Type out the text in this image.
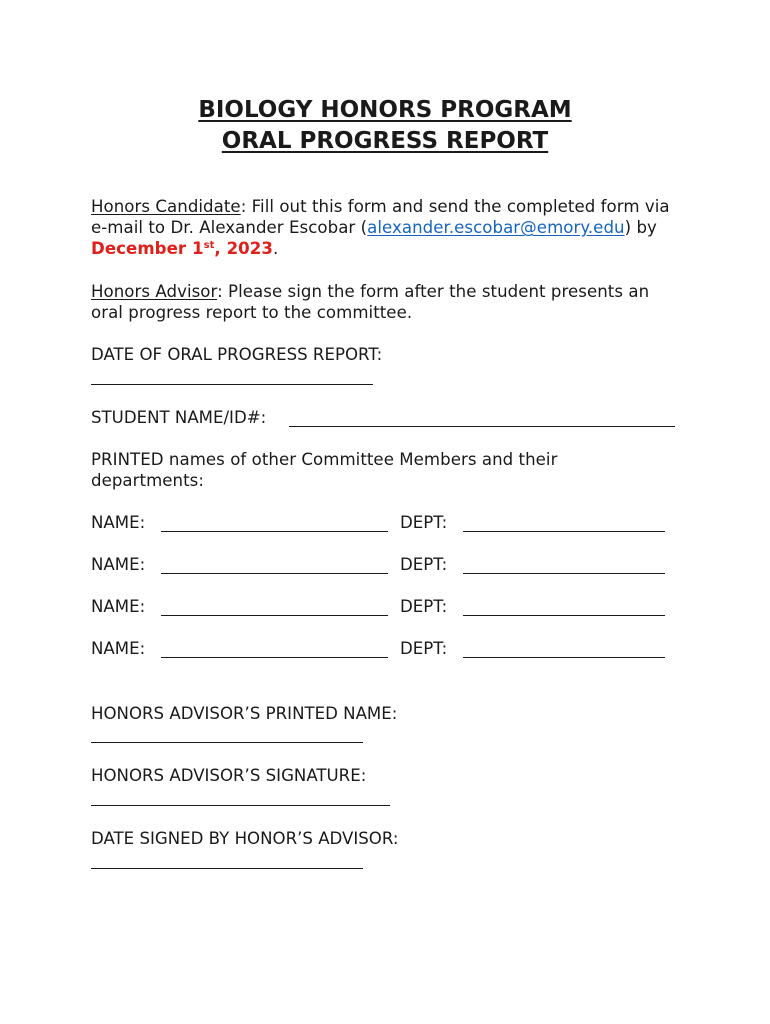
BIOLOGY HONORS PROGRAM
ORAL PROGRESS REPORT
Honors Candidate: Fill out this form and send the completed form via e-mail to Dr. Alexander Escobar (alexander.escobar@emory.edu) by December 1st, 2023.
Honors Advisor: Please sign the form after the student presents an oral progress report to the committee.
DATE OF ORAL PROGRESS REPORT:
STUDENT NAME/ID#:
PRINTED names of other Committee Members and their departments:
NAME:	DEPT:
NAME:	DEPT:
NAME:	DEPT:
NAME:	DEPT:
HONORS ADVISOR’S PRINTED NAME:
HONORS ADVISOR’S SIGNATURE:
DATE SIGNED BY HONOR’S ADVISOR:
